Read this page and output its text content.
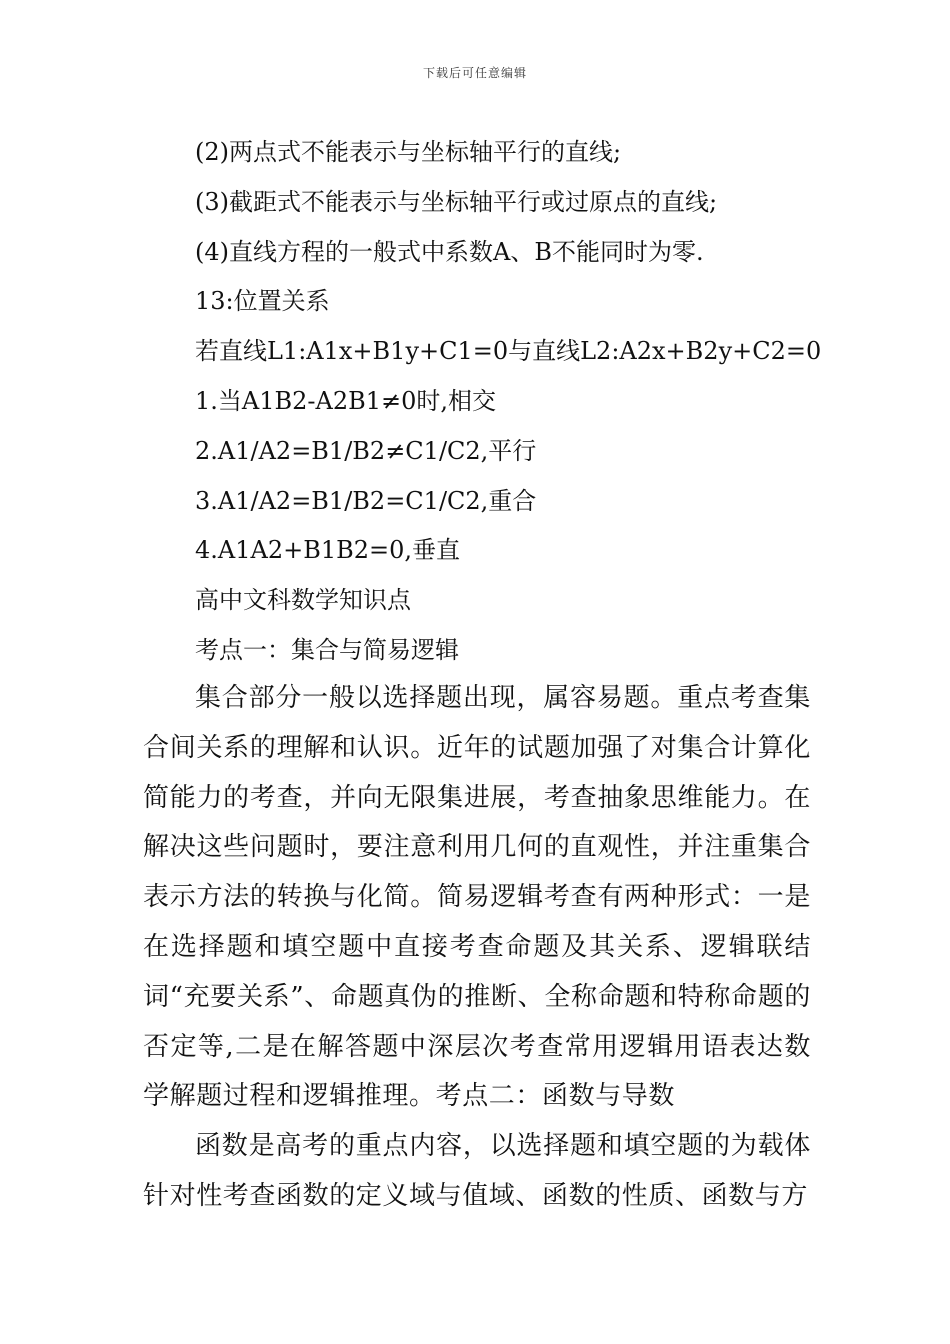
下载后可任意编辑
(2)两点式不能表示与坐标轴平行的直线;
(3)截距式不能表示与坐标轴平行或过原点的直线;
(4)直线方程的一般式中系数A、B不能同时为零.
13:位置关系
若直线L1:A1x+B1y+C1=0与直线L2:A2x+B2y+C2=0
1.当A1B2-A2B1≠0时,相交
2.A1/A2=B1/B2≠C1/C2,平行
3.A1/A2=B1/B2=C1/C2,重合
4.A1A2+B1B2=0,垂直
高中文科数学知识点
考点一：集合与简易逻辑
集合部分一般以选择题出现，属容易题。重点考查集合间关系的理解和认识。近年的试题加强了对集合计算化简能力的考查，并向无限集进展，考查抽象思维能力。在解决这些问题时，要注意利用几何的直观性，并注重集合表示方法的转换与化简。简易逻辑考查有两种形式：一是在选择题和填空题中直接考查命题及其关系、逻辑联结词“充要关系”、命题真伪的推断、全称命题和特称命题的否定等,二是在解答题中深层次考查常用逻辑用语表达数学解题过程和逻辑推理。考点二：函数与导数
函数是高考的重点内容，以选择题和填空题的为载体针对性考查函数的定义域与值域、函数的性质、函数与方
